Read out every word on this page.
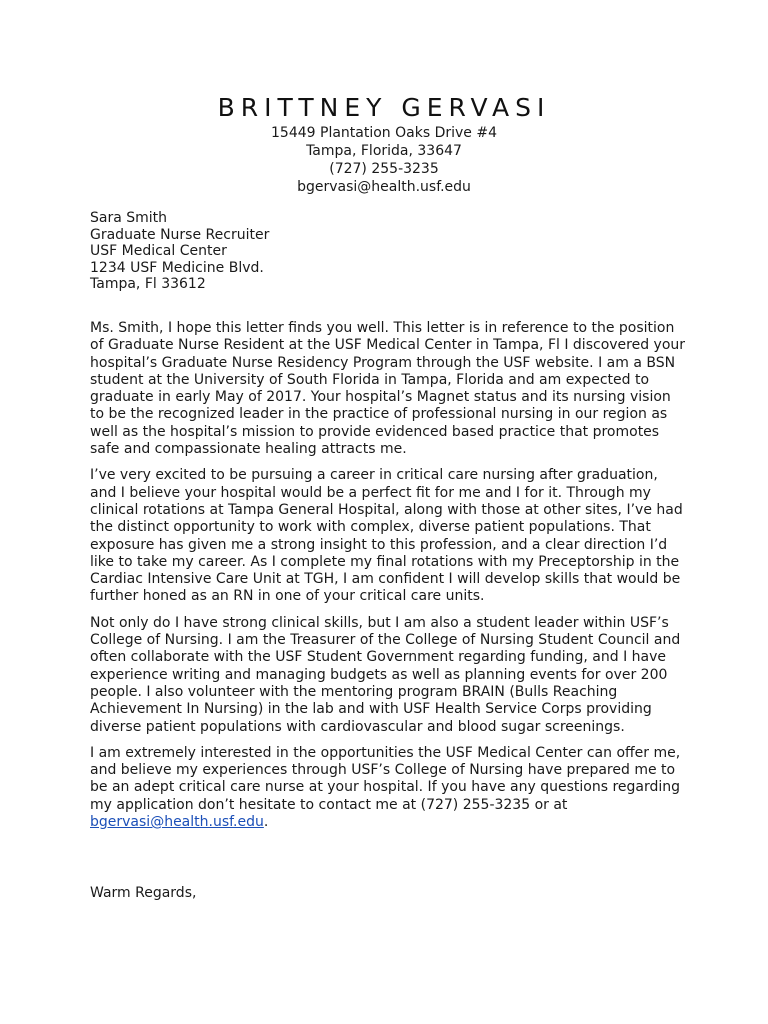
BRITTNEY GERVASI
15449 Plantation Oaks Drive #4
Tampa, Florida, 33647
(727) 255-3235
bgervasi@health.usf.edu
Sara Smith
Graduate Nurse Recruiter
USF Medical Center
1234 USF Medicine Blvd.
Tampa, Fl 33612

Ms. Smith, I hope this letter finds you well. This letter is in reference to the position
of Graduate Nurse Resident at the USF Medical Center in Tampa, Fl I discovered your
hospital’s Graduate Nurse Residency Program through the USF website. I am a BSN
student at the University of South Florida in Tampa, Florida and am expected to
graduate in early May of 2017. Your hospital’s Magnet status and its nursing vision
to be the recognized leader in the practice of professional nursing in our region as
well as the hospital’s mission to provide evidenced based practice that promotes
safe and compassionate healing attracts me.

I’ve very excited to be pursuing a career in critical care nursing after graduation,
and I believe your hospital would be a perfect fit for me and I for it. Through my
clinical rotations at Tampa General Hospital, along with those at other sites, I’ve had
the distinct opportunity to work with complex, diverse patient populations. That
exposure has given me a strong insight to this profession, and a clear direction I’d
like to take my career. As I complete my final rotations with my Preceptorship in the
Cardiac Intensive Care Unit at TGH, I am confident I will develop skills that would be
further honed as an RN in one of your critical care units.

Not only do I have strong clinical skills, but I am also a student leader within USF’s
College of Nursing. I am the Treasurer of the College of Nursing Student Council and
often collaborate with the USF Student Government regarding funding, and I have
experience writing and managing budgets as well as planning events for over 200
people. I also volunteer with the mentoring program BRAIN (Bulls Reaching
Achievement In Nursing) in the lab and with USF Health Service Corps providing
diverse patient populations with cardiovascular and blood sugar screenings.

I am extremely interested in the opportunities the USF Medical Center can offer me,
and believe my experiences through USF’s College of Nursing have prepared me to
be an adept critical care nurse at your hospital. If you have any questions regarding
my application don’t hesitate to contact me at (727) 255-3235 or at
bgervasi@health.usf.edu.

Warm Regards,
